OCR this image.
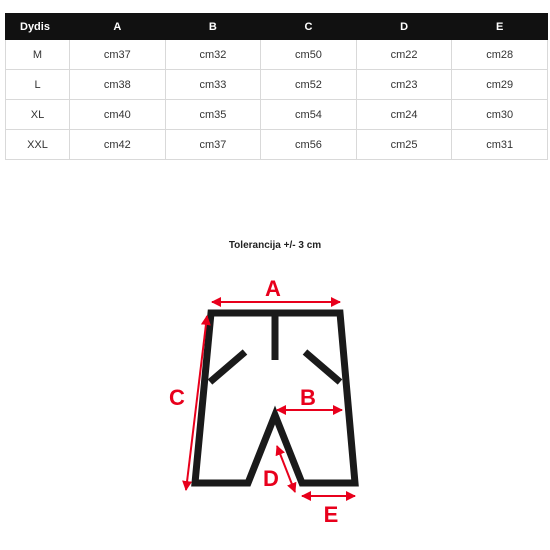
Dydis	A	B	C	D	E
M	cm37	cm32	cm50	cm22	cm28
L	cm38	cm33	cm52	cm23	cm29
XL	cm40	cm35	cm54	cm24	cm30
XXL	cm42	cm37	cm56	cm25	cm31
Tolerancija +/- 3 cm
A
B
C
D
E
